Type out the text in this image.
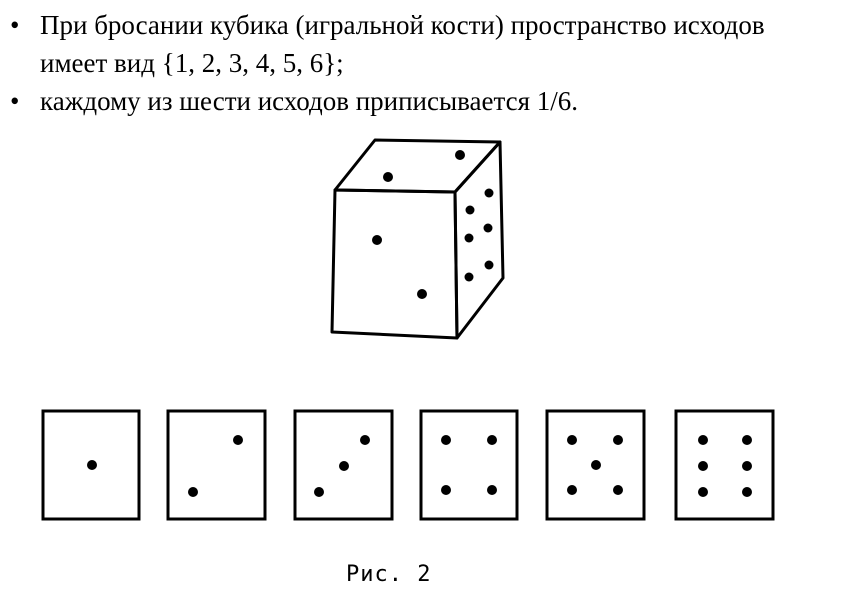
• При бросании кубика (игральной кости) пространство исходов имеет вид {1, 2, 3, 4, 5, 6};
• каждому из шести исходов приписывается 1/6.
Рис. 2
